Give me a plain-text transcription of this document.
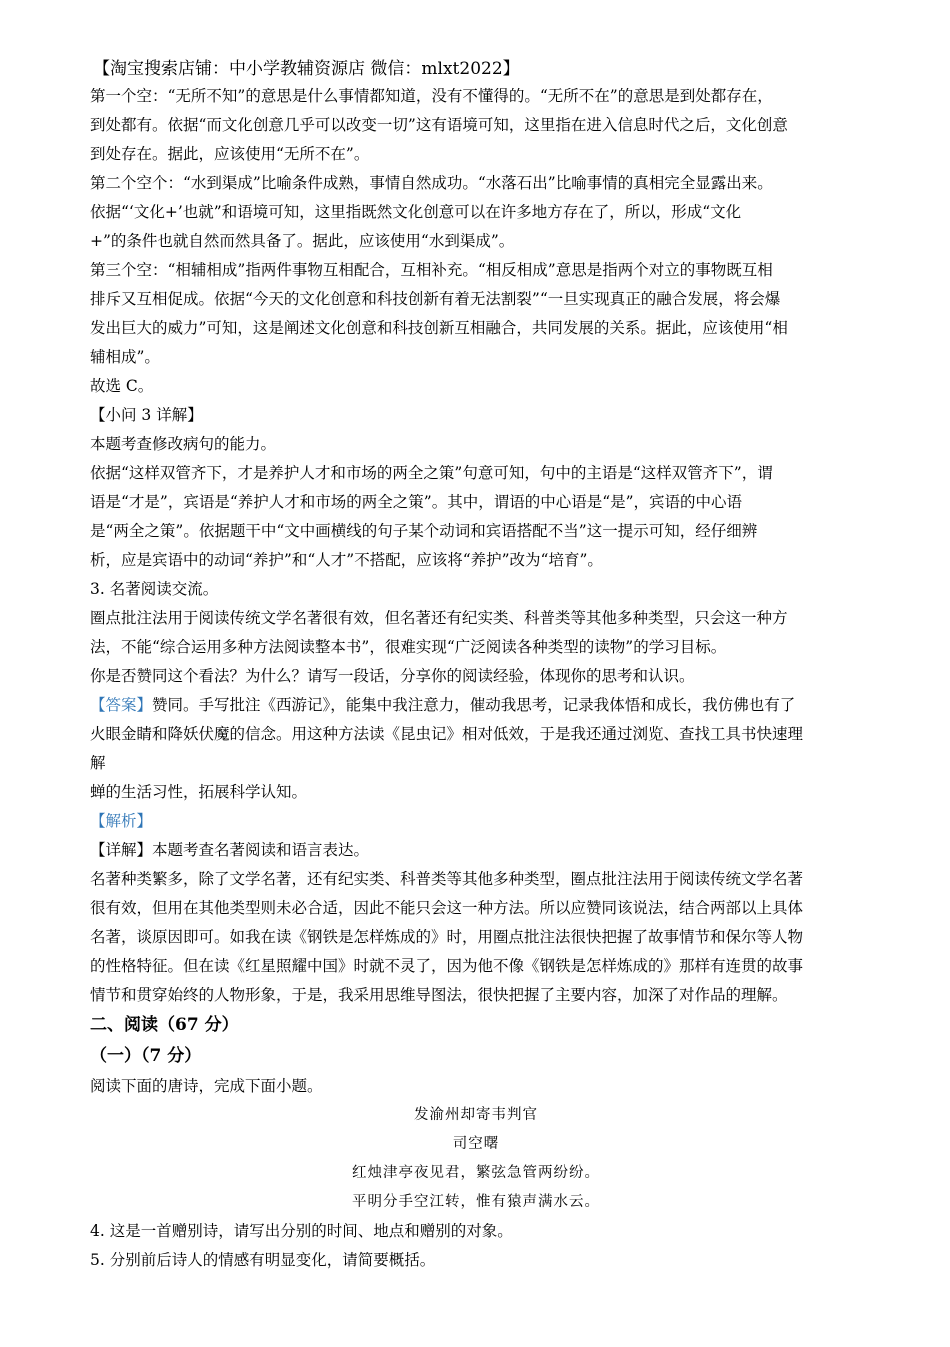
【淘宝搜索店铺：中小学教辅资源店 微信：mlxt2022】
第一个空：“无所不知”的意思是什么事情都知道，没有不懂得的。“无所不在”的意思是到处都存在，
到处都有。依据“而文化创意几乎可以改变一切”这有语境可知，这里指在进入信息时代之后，文化创意
到处存在。据此，应该使用“无所不在”。
第二个空个：“水到渠成”比喻条件成熟，事情自然成功。“水落石出”比喻事情的真相完全显露出来。
依据“‘文化+’也就”和语境可知，这里指既然文化创意可以在许多地方存在了，所以，形成“文化
+”的条件也就自然而然具备了。据此，应该使用“水到渠成”。
第三个空：“相辅相成”指两件事物互相配合，互相补充。“相反相成”意思是指两个对立的事物既互相
排斥又互相促成。依据“今天的文化创意和科技创新有着无法割裂”“一旦实现真正的融合发展，将会爆
发出巨大的威力”可知，这是阐述文化创意和科技创新互相融合，共同发展的关系。据此，应该使用“相
辅相成”。
故选 C。
【小问 3 详解】
本题考查修改病句的能力。
依据“这样双管齐下，才是养护人才和市场的两全之策”句意可知，句中的主语是“这样双管齐下”，谓
语是“才是”，宾语是“养护人才和市场的两全之策”。其中，谓语的中心语是“是”，宾语的中心语
是“两全之策”。依据题干中“文中画横线的句子某个动词和宾语搭配不当”这一提示可知，经仔细辨
析，应是宾语中的动词“养护”和“人才”不搭配，应该将“养护”改为“培育”。
3. 名著阅读交流。
圈点批注法用于阅读传统文学名著很有效，但名著还有纪实类、科普类等其他多种类型，只会这一种方
法，不能“综合运用多种方法阅读整本书”，很难实现“广泛阅读各种类型的读物”的学习目标。
你是否赞同这个看法？为什么？请写一段话，分享你的阅读经验，体现你的思考和认识。
【答案】赞同。手写批注《西游记》，能集中我注意力，催动我思考，记录我体悟和成长，我仿佛也有了
火眼金睛和降妖伏魔的信念。用这种方法读《昆虫记》相对低效，于是我还通过浏览、查找工具书快速理
解
蝉的生活习性，拓展科学认知。
【解析】
【详解】本题考查名著阅读和语言表达。
名著种类繁多，除了文学名著，还有纪实类、科普类等其他多种类型，圈点批注法用于阅读传统文学名著
很有效，但用在其他类型则未必合适，因此不能只会这一种方法。所以应赞同该说法，结合两部以上具体
名著，谈原因即可。如我在读《钢铁是怎样炼成的》时，用圈点批注法很快把握了故事情节和保尔等人物
的性格特征。但在读《红星照耀中国》时就不灵了，因为他不像《钢铁是怎样炼成的》那样有连贯的故事
情节和贯穿始终的人物形象，于是，我采用思维导图法，很快把握了主要内容，加深了对作品的理解。
二、阅读（67 分）
（一）（7 分）
阅读下面的唐诗，完成下面小题。
发渝州却寄韦判官
司空曙
红烛津亭夜见君，繁弦急管两纷纷。
平明分手空江转，惟有猿声满水云。
4. 这是一首赠别诗，请写出分别的时间、地点和赠别的对象。
5. 分别前后诗人的情感有明显变化，请简要概括。
